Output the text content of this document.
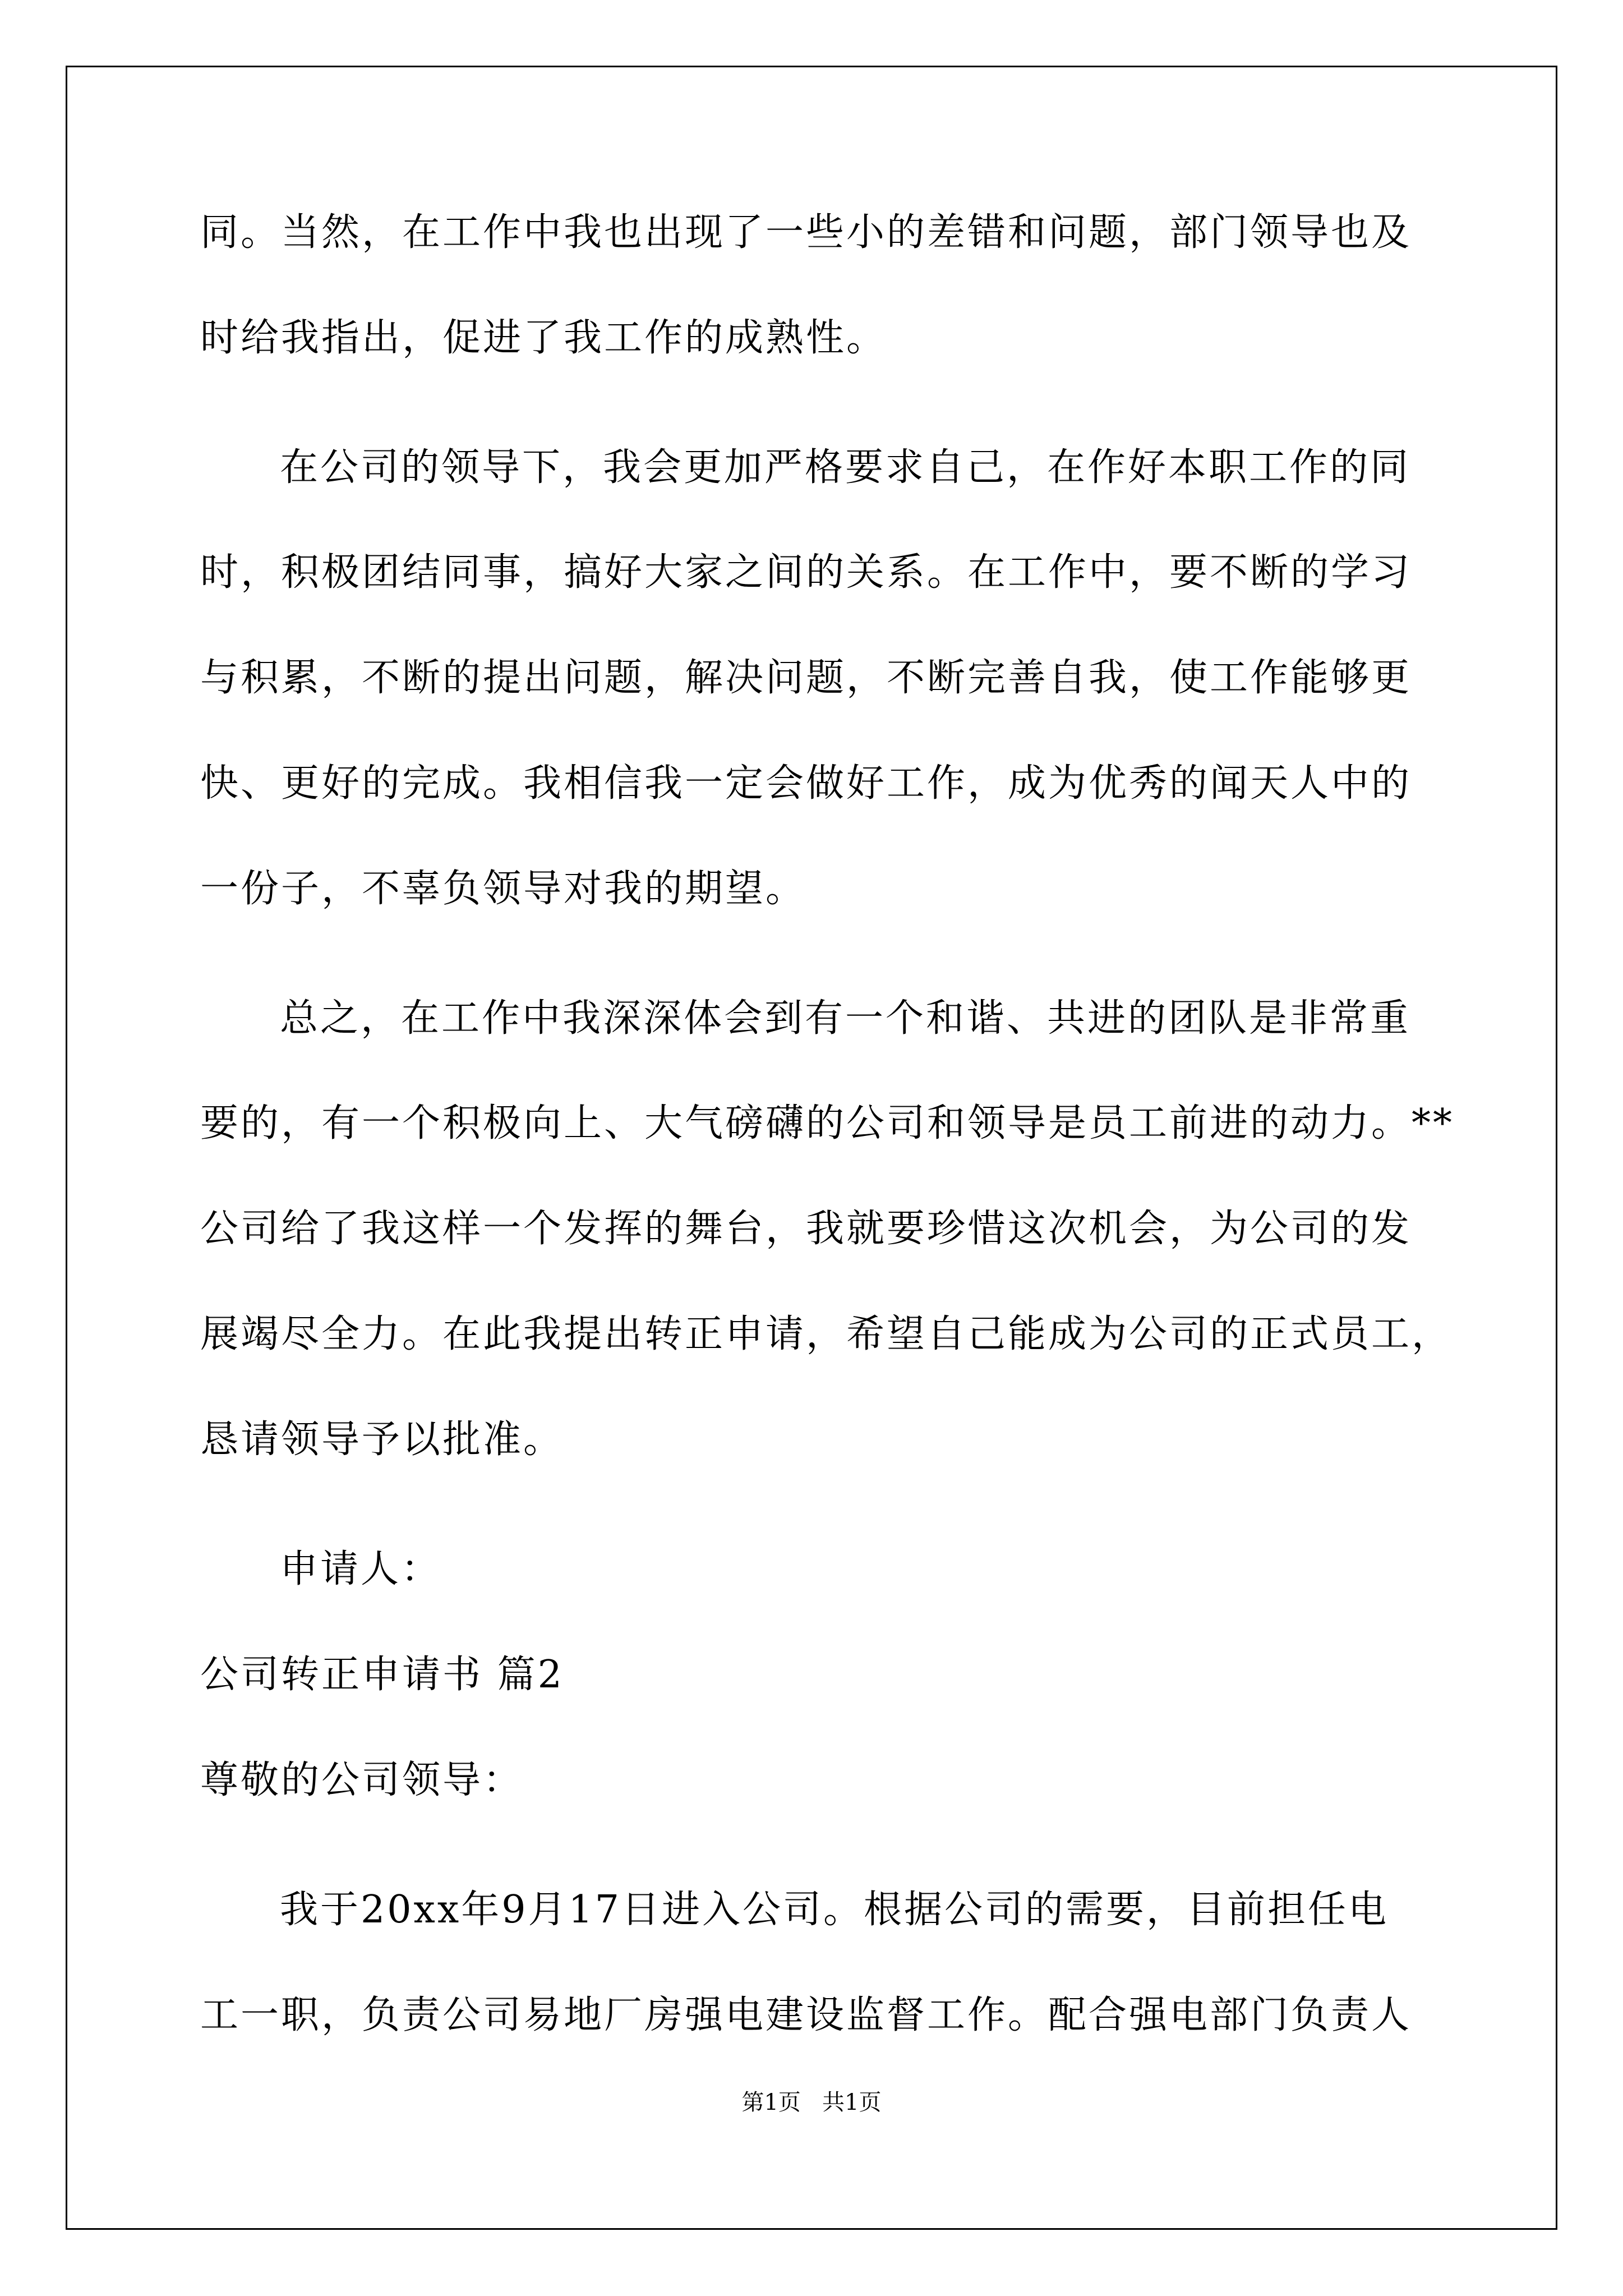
同。当然，在工作中我也出现了一些小的差错和问题，部门领导也及
时给我指出，促进了我工作的成熟性。
在公司的领导下，我会更加严格要求自己，在作好本职工作的同
时，积极团结同事，搞好大家之间的关系。在工作中，要不断的学习
与积累，不断的提出问题，解决问题，不断完善自我，使工作能够更
快、更好的完成。我相信我一定会做好工作，成为优秀的闻天人中的
一份子，不辜负领导对我的期望。
总之，在工作中我深深体会到有一个和谐、共进的团队是非常重
要的，有一个积极向上、大气磅礴的公司和领导是员工前进的动力。**
公司给了我这样一个发挥的舞台，我就要珍惜这次机会，为公司的发
展竭尽全力。在此我提出转正申请，希望自己能成为公司的正式员工，
恳请领导予以批准。
申请人：
公司转正申请书 篇2
尊敬的公司领导：
我于20xx年9月17日进入公司。根据公司的需要，目前担任电
工一职，负责公司易地厂房强电建设监督工作。配合强电部门负责人
第1页   共1页
